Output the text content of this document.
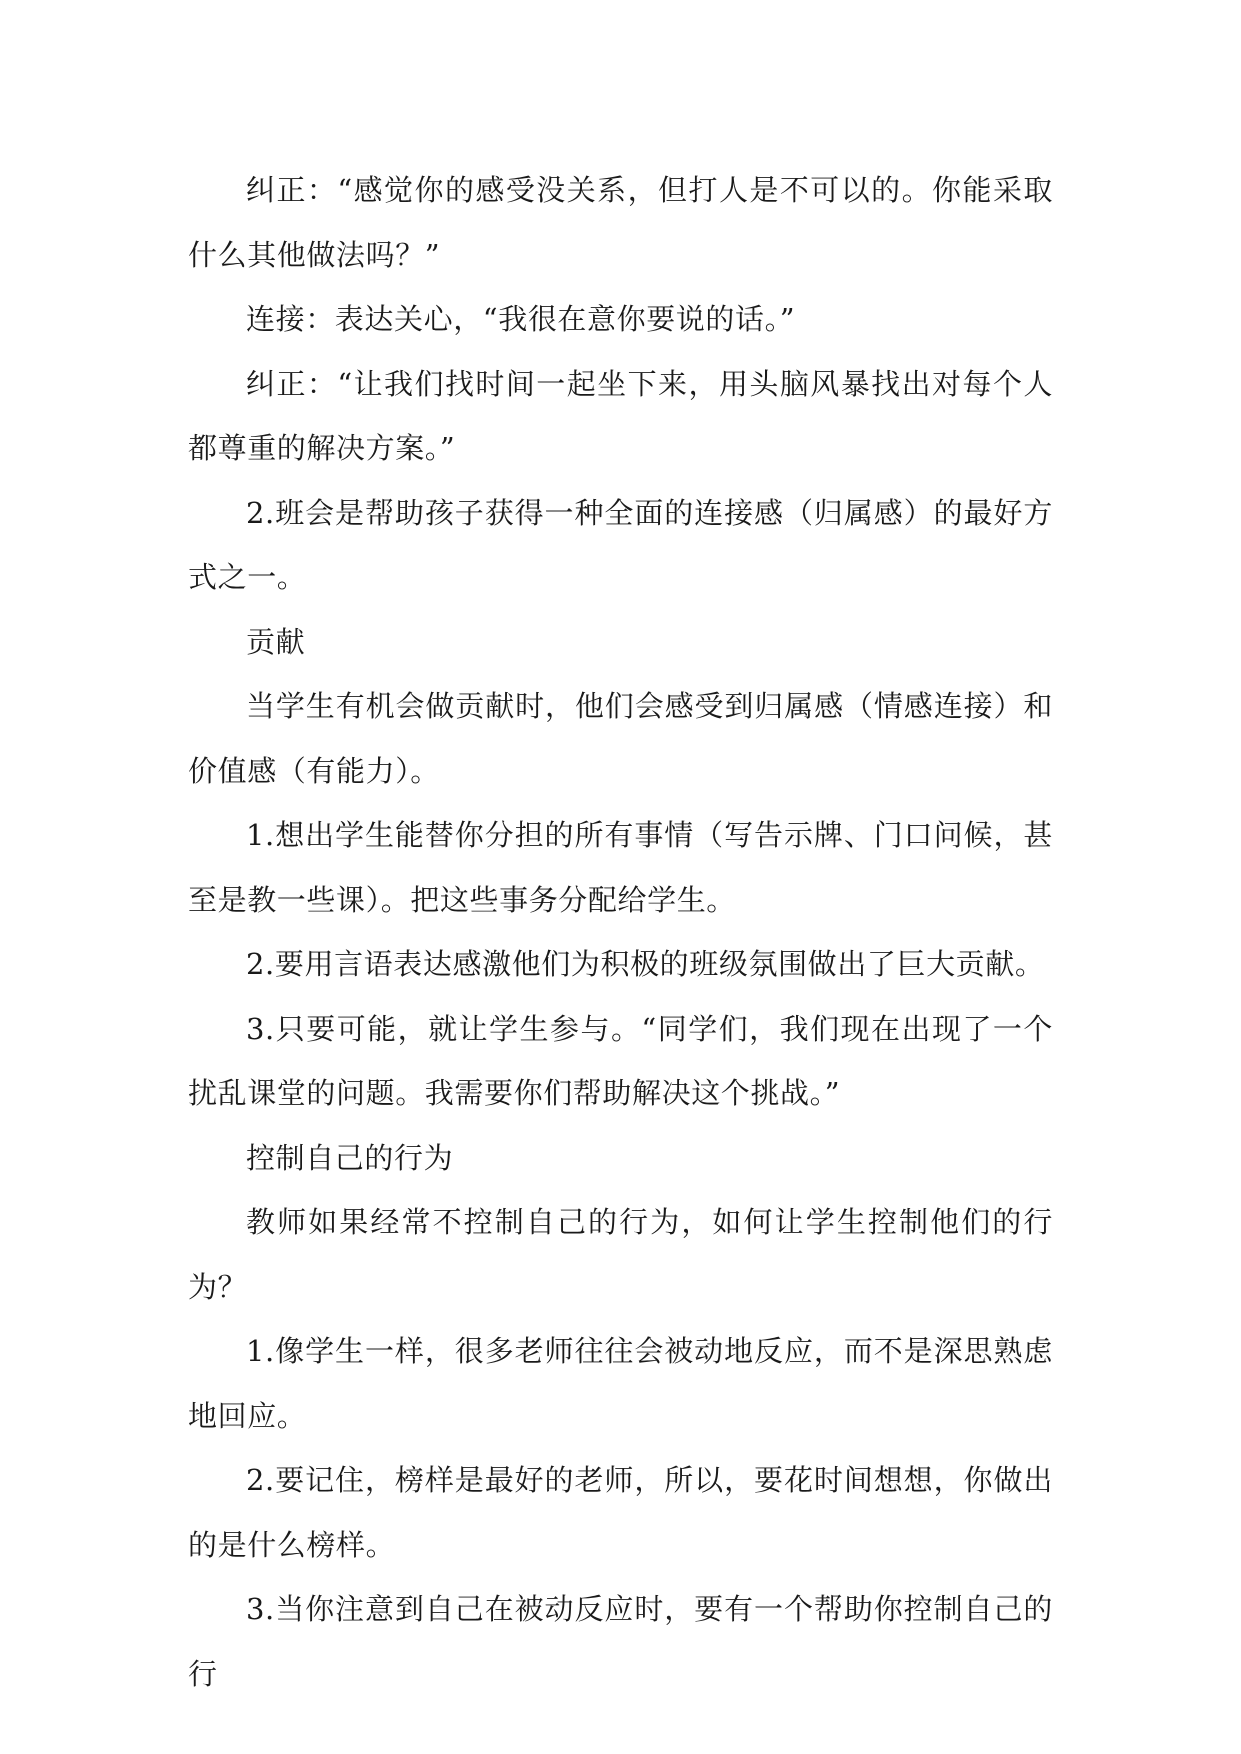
纠正：“感觉你的感受没关系，但打人是不可以的。你能采取什么其他做法吗？”

连接：表达关心，“我很在意你要说的话。”

纠正：“让我们找时间一起坐下来，用头脑风暴找出对每个人都尊重的解决方案。”

2.班会是帮助孩子获得一种全面的连接感（归属感）的最好方式之一。

贡献

当学生有机会做贡献时，他们会感受到归属感（情感连接）和价值感（有能力）。

1.想出学生能替你分担的所有事情（写告示牌、门口问候，甚至是教一些课）。把这些事务分配给学生。

2.要用言语表达感激他们为积极的班级氛围做出了巨大贡献。

3.只要可能，就让学生参与。“同学们，我们现在出现了一个扰乱课堂的问题。我需要你们帮助解决这个挑战。”

控制自己的行为

教师如果经常不控制自己的行为，如何让学生控制他们的行为？

1.像学生一样，很多老师往往会被动地反应，而不是深思熟虑地回应。

2.要记住，榜样是最好的老师，所以，要花时间想想，你做出的是什么榜样。

3.当你注意到自己在被动反应时，要有一个帮助你控制自己的行
